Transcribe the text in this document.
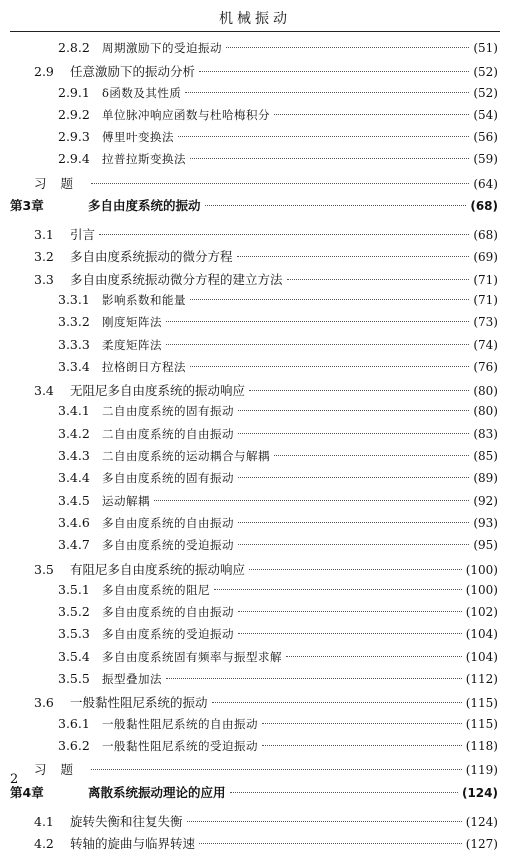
机械振动
2.8.2	周期激励下的受迫振动	(51)
2.9	任意激励下的振动分析	(52)
2.9.1	δ函数及其性质	(52)
2.9.2	单位脉冲响应函数与杜哈梅积分	(54)
2.9.3	傅里叶变换法	(56)
2.9.4	拉普拉斯变换法	(59)
习题	(64)
第3章	多自由度系统的振动	(68)
3.1	引言	(68)
3.2	多自由度系统振动的微分方程	(69)
3.3	多自由度系统振动微分方程的建立方法	(71)
3.3.1	影响系数和能量	(71)
3.3.2	刚度矩阵法	(73)
3.3.3	柔度矩阵法	(74)
3.3.4	拉格朗日方程法	(76)
3.4	无阻尼多自由度系统的振动响应	(80)
3.4.1	二自由度系统的固有振动	(80)
3.4.2	二自由度系统的自由振动	(83)
3.4.3	二自由度系统的运动耦合与解耦	(85)
3.4.4	多自由度系统的固有振动	(89)
3.4.5	运动解耦	(92)
3.4.6	多自由度系统的自由振动	(93)
3.4.7	多自由度系统的受迫振动	(95)
3.5	有阻尼多自由度系统的振动响应	(100)
3.5.1	多自由度系统的阻尼	(100)
3.5.2	多自由度系统的自由振动	(102)
3.5.3	多自由度系统的受迫振动	(104)
3.5.4	多自由度系统固有频率与振型求解	(104)
3.5.5	振型叠加法	(112)
3.6	一般黏性阻尼系统的振动	(115)
3.6.1	一般黏性阻尼系统的自由振动	(115)
3.6.2	一般黏性阻尼系统的受迫振动	(118)
习题	(119)
第4章	离散系统振动理论的应用	(124)
4.1	旋转失衡和往复失衡	(124)
4.2	转轴的旋曲与临界转速	(127)
2
